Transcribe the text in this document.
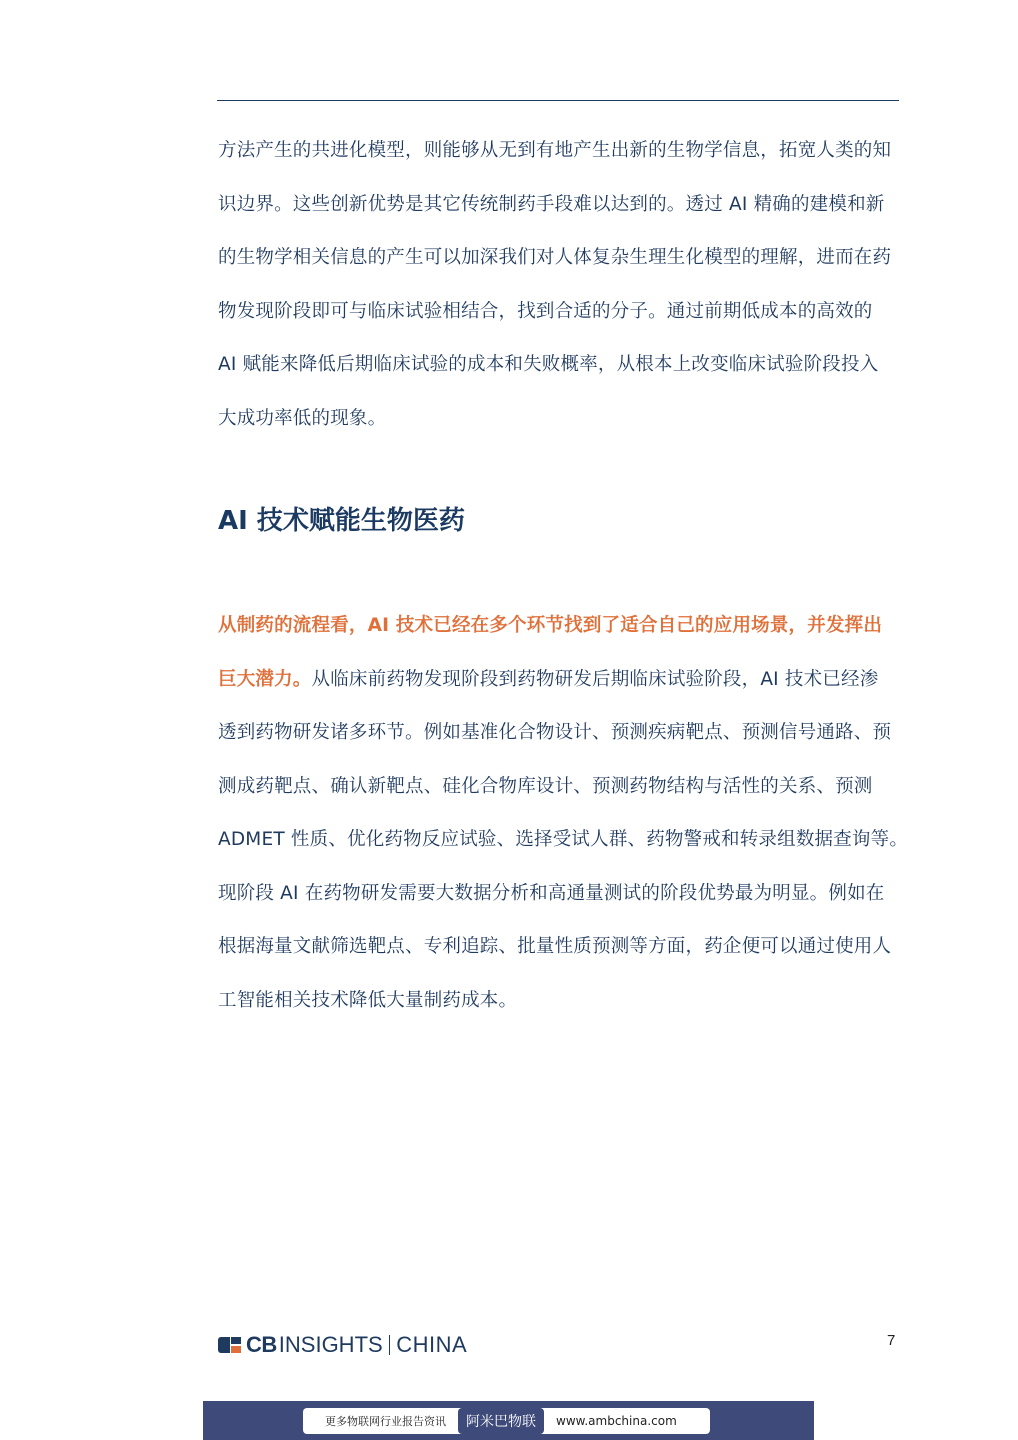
方法产生的共进化模型，则能够从无到有地产生出新的生物学信息，拓宽人类的知
识边界。这些创新优势是其它传统制药手段难以达到的。透过 AI 精确的建模和新
的生物学相关信息的产生可以加深我们对人体复杂生理生化模型的理解，进而在药
物发现阶段即可与临床试验相结合，找到合适的分子。通过前期低成本的高效的
AI 赋能来降低后期临床试验的成本和失败概率，从根本上改变临床试验阶段投入
大成功率低的现象。

AI 技术赋能生物医药

从制药的流程看，AI 技术已经在多个环节找到了适合自己的应用场景，并发挥出
巨大潜力。从临床前药物发现阶段到药物研发后期临床试验阶段，AI 技术已经渗
透到药物研发诸多环节。例如基准化合物设计、预测疾病靶点、预测信号通路、预
测成药靶点、确认新靶点、硅化合物库设计、预测药物结构与活性的关系、预测
ADMET 性质、优化药物反应试验、选择受试人群、药物警戒和转录组数据查询等。
现阶段 AI 在药物研发需要大数据分析和高通量测试的阶段优势最为明显。例如在
根据海量文献筛选靶点、专利追踪、批量性质预测等方面，药企便可以通过使用人
工智能相关技术降低大量制药成本。

CB INSIGHTS CHINA	7
更多物联网行业报告资讯	阿米巴物联	www.ambchina.com
